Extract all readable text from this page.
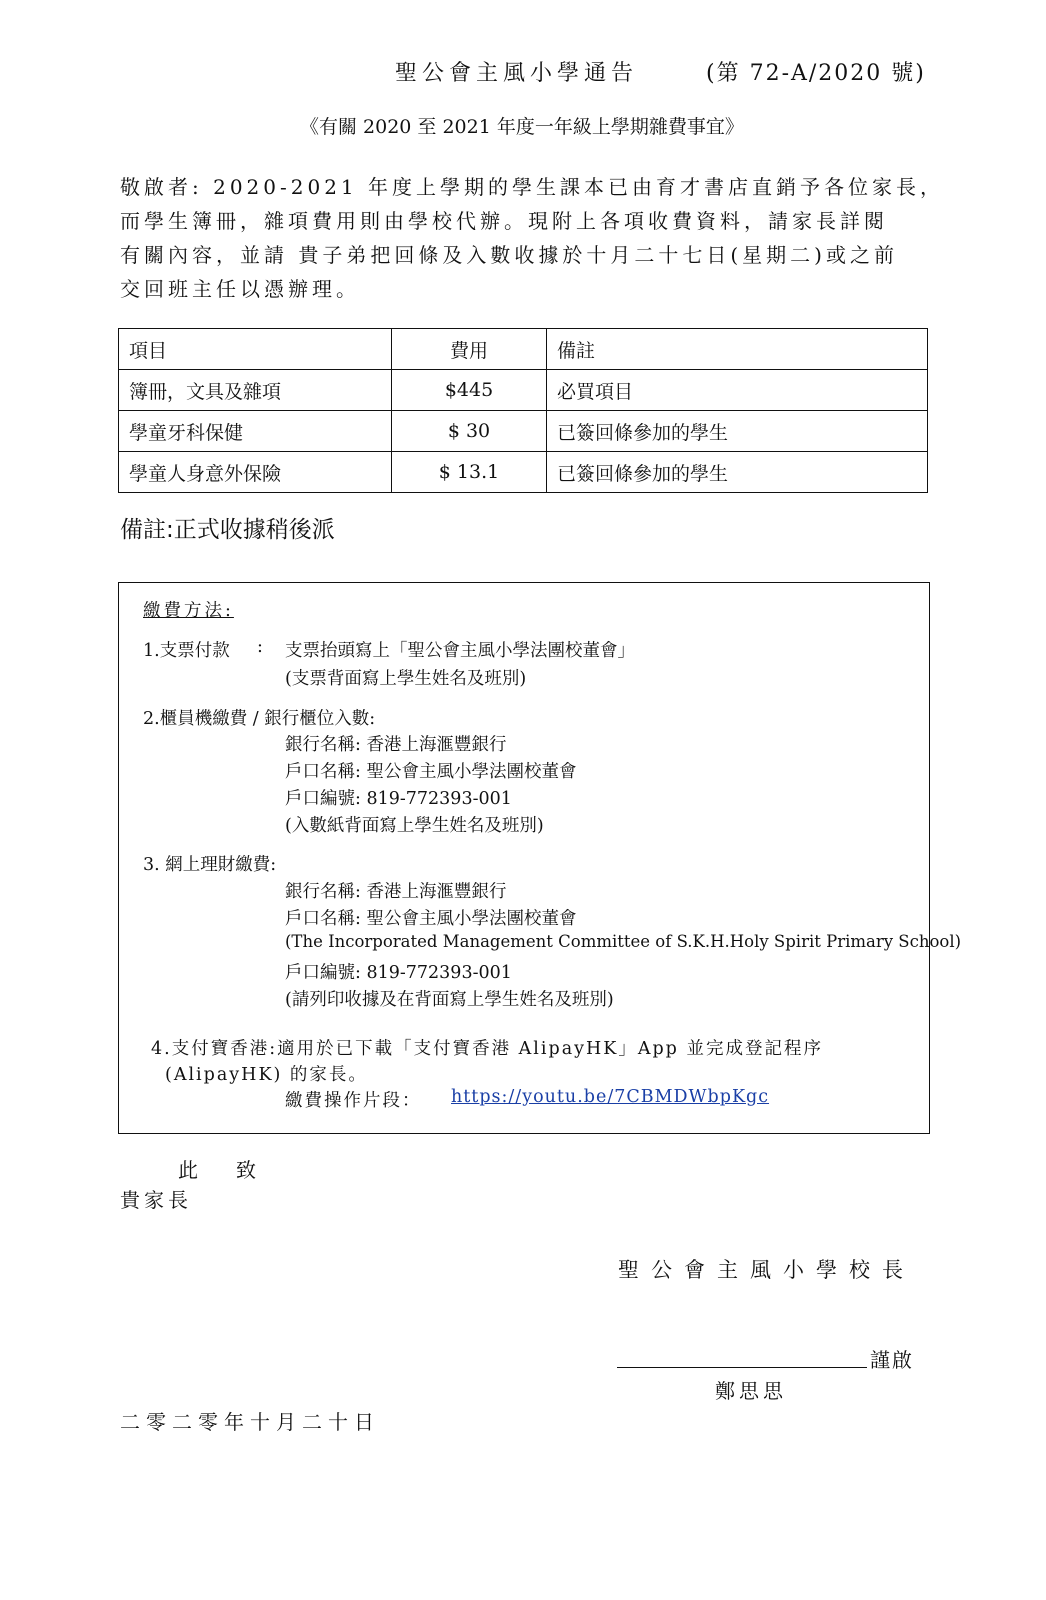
聖公會主風小學通告	(第 72-A/2020 號)
《有關 2020 至 2021 年度一年級上學期雜費事宜》
敬啟者: 2020-2021 年度上學期的學生課本已由育才書店直銷予各位家長，
而學生簿冊，雜項費用則由學校代辦。現附上各項收費資料，請家長詳閱
有關內容，並請 貴子弟把回條及入數收據於十月二十七日(星期二)或之前
交回班主任以憑辦理。
項目	費用	備註
簿冊，文具及雜項	$445	必買項目
學童牙科保健	$ 30	已簽回條參加的學生
學童人身意外保險	$ 13.1	已簽回條參加的學生
備註:正式收據稍後派
繳費方法:
1.支票付款 : 支票抬頭寫上「聖公會主風小學法團校董會」
(支票背面寫上學生姓名及班別)
2.櫃員機繳費 / 銀行櫃位入數:
銀行名稱: 香港上海滙豐銀行
戶口名稱: 聖公會主風小學法團校董會
戶口編號: 819-772393-001
(入數紙背面寫上學生姓名及班別)
3. 網上理財繳費:
銀行名稱: 香港上海滙豐銀行
戶口名稱: 聖公會主風小學法團校董會
(The Incorporated Management Committee of S.K.H.Holy Spirit Primary School)
戶口編號: 819-772393-001
(請列印收據及在背面寫上學生姓名及班別)
4.支付寶香港:適用於已下載「支付寶香港 AlipayHK」App 並完成登記程序
(AlipayHK) 的家長。
繳費操作片段： https://youtu.be/7CBMDWbpKgc
此 致
貴家長
聖公會主風小學校長
謹啟
鄭思思
二零二零年十月二十日
